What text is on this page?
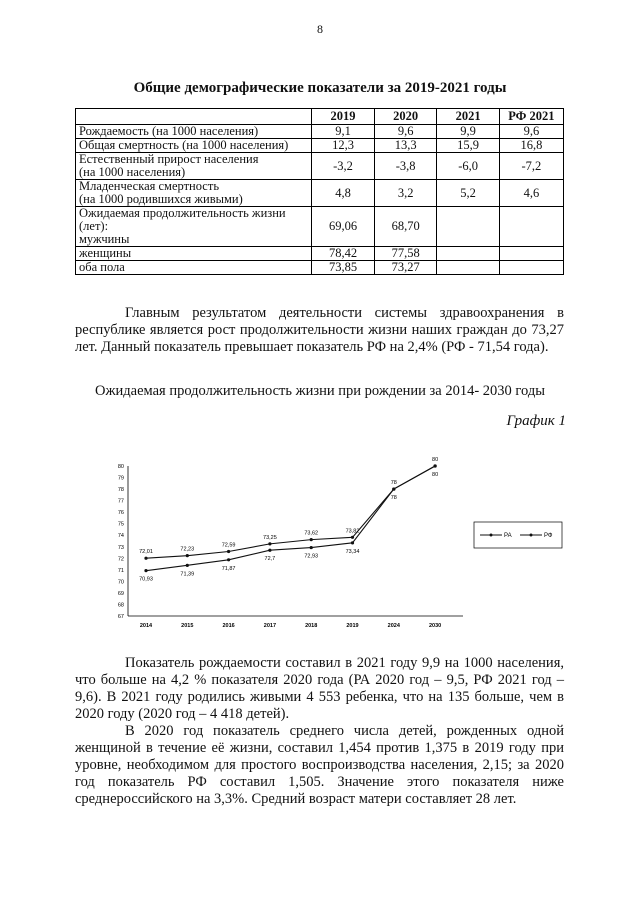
8
Общие демографические показатели за 2019-2021 годы
	2019	2020	2021	РФ 2021
Рождаемость (на 1000 населения)	9,1	9,6	9,9	9,6
Общая смертность (на 1000 населения)	12,3	13,3	15,9	16,8
Естественный прирост населения
(на 1000 населения)	-3,2	-3,8	-6,0	-7,2
Младенческая смертность
(на 1000 родившихся живыми)	4,8	3,2	5,2	4,6
Ожидаемая продолжительность жизни
(лет):
мужчины	69,06	68,70		
женщины	78,42	77,58		
оба пола	73,85	73,27		

Главным результатом деятельности системы здравоохранения в республике является рост продолжительности жизни наших граждан до 73,27 лет. Данный показатель превышает показатель РФ на 2,4% (РФ - 71,54 года).

Ожидаемая продолжительность жизни при рождении за 2014- 2030 годы
График 1
67
68
69
70
71
72
73
74
75
76
77
78
79
80
2014	2015	2016	2017	2018	2019	2024	2030
72,01	72,23
72,59
73,25
73,62	73,82
78
80
70,93
71,39
71,87
72,7	72,93
73,34
78
80
РА	РФ

Показатель рождаемости составил в 2021 году 9,9 на 1000 населения, что больше на 4,2 % показателя 2020 года (РА 2020 год – 9,5, РФ 2021 год –9,6). В 2021 году родились живыми 4 553 ребенка, что на 135 больше, чем в 2020 году (2020 год – 4 418 детей).

В 2020 год показатель среднего числа детей, рожденных одной женщиной в течение её жизни, составил 1,454 против 1,375 в 2019 году при уровне, необходимом для простого воспроизводства населения, 2,15; за 2020 год показатель РФ составил 1,505. Значение этого показателя ниже среднероссийского на 3,3%. Средний возраст матери составляет 28 лет.
